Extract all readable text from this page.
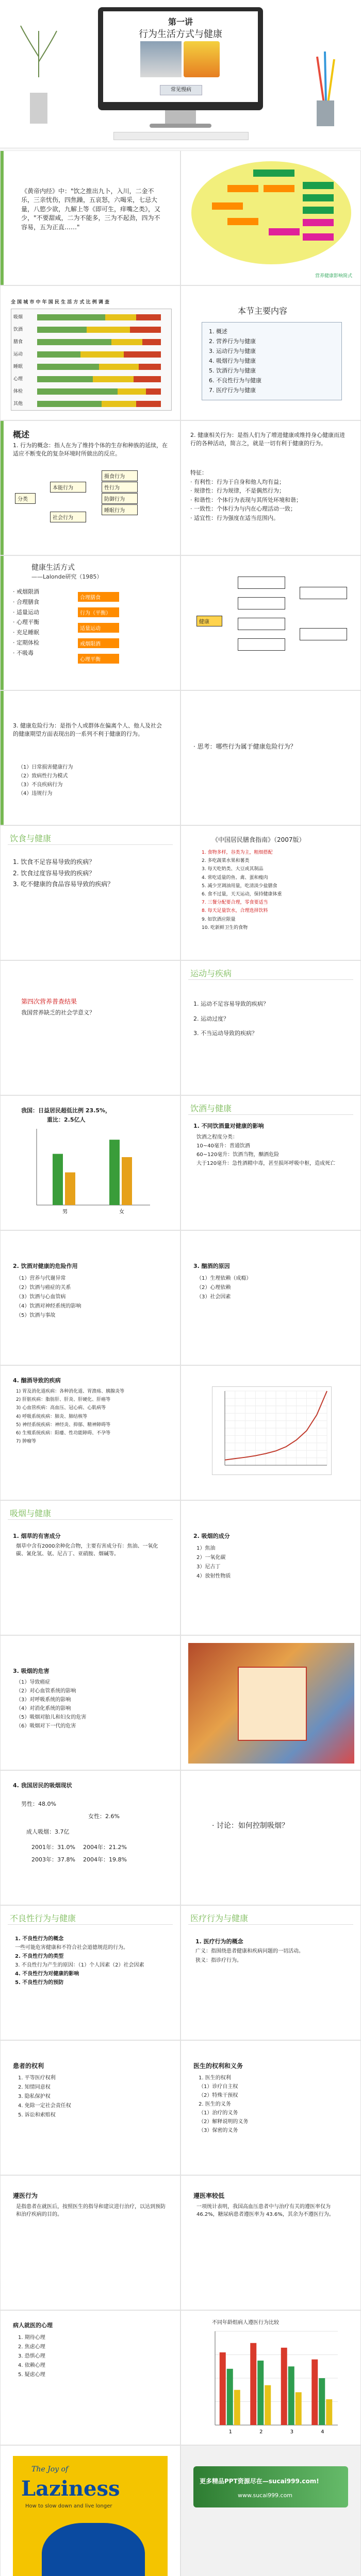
第一讲
行为生活方式与健康
常见慢病
《黄帝内经》中："饮之推出九卜，入川，二金不乐，三亲忧伤，四焦躁，五哀怒，六喝采，七忌大量，八慾少欲，九解上等《即可生，痒嘴之类》，又少，"不要甜咸，二为不能多，三为不起劲，四为不容易，五为正直……"
营养健康影响简式
全 国 城 市 中 年 国 民 生 活 方 式 比 例 调 查
吸烟
饮酒
膳食
运动
睡眠
心理
体检
其他
本节主要内容
1. 概述
2. 营养行为与健康
3. 运动行为与健康
4. 吸烟行为与健康
5. 饮酒行为与健康
6. 不良性行为与健康
7. 医疗行为与健康
概述
1. 行为的概念：指人在为了维持个体的生存和种族的延续，在适应不断变化的复杂环境时所做出的反应。
分类
本能行为
社会行为
摄食行为
性行为
防御行为
睡眠行为
2. 健康相关行为：是指人们为了增进健康或维持身心健康而进行的各种活动，简言之，就是一切有利于健康的行为。
特征：
· 有利性：行为于自身和他人均有益；
· 规律性：行为规律，不是偶然行为；
· 和谐性：个体行为表现与其所处环境和谐；
· 一致性：个体行为与内在心理活动一致；
· 适宜性：行为强度在适当范围内。
健康生活方式
——Lalonde研究（1985）
· 戒烟限酒
· 合理膳食
· 适量运动
· 心理平衡
· 充足睡眠
· 定期体检
· 不吸毒
合理膳食
行为（平衡）
适量运动
戒烟限酒
心理平衡
健康
3. 健康危险行为：是指个人或群体在偏离个人、他人及社会的健康期望方面表现出的一系列不利于健康的行为。
（1）日常损害健康行为
（2）致病性行为模式
（3）不良疾病行为
（4）违规行为
· 思考：哪些行为属于健康危险行为？
饮食与健康
1. 饮食不足容易导致的疾病？
2. 饮食过度容易导致的疾病？
3. 吃不健康的食品容易导致的疾病？
《中国居民膳食指南》（2007版）
1. 食物多样，谷类为主，粗细搭配
2. 多吃蔬菜水果和薯类
3. 每天吃奶类、大豆或其制品
4. 常吃适量的鱼、禽、蛋和瘦肉
5. 减少烹调油用量，吃清淡少盐膳食
6. 食不过量，天天运动，保持健康体重
7. 三餐分配要合理，零食要适当
8. 每天足量饮水，合理选择饮料
9. 如饮酒应限量
10. 吃新鲜卫生的食物
第四次营养普查结果
我国营养缺乏的社会学意义？
运动与疾病
1. 运动不足容易导致的疾病？
2. 运动过度？
3. 不当运动导致的疾病？
我国：日益居民超低比例 23.5%，
重比：2.5亿人
男	女
饮酒与健康
1. 不同饮酒量对健康的影响
饮酒之程度分类：
10~40毫升：普通饮酒
60~120毫升：饮酒当物，酗酒危险
大于120毫升：急性酒精中毒，甚至损坏呼吸中枢，造成死亡
2. 饮酒对健康的危险作用
（1）营养与代谢异常
（2）饮酒与癌症的关系
（3）饮酒与心血管病
（4）饮酒对神经系统的影响
（5）饮酒与事故
3. 酗酒的原因
（1）生理依赖（成瘾）
（2）心理依赖
（3）社会因素
4. 酗酒导致的疾病
1) 胃及消化道疾病：各种消化道、胃溃疡、胰腺炎等
2) 肝脏疾病：脂肪肝、肝炎、肝硬化、肝癌等
3) 心血管疾病：高血压、冠心病、心肌病等
4) 呼吸系统疾病：肺炎、肺结核等
5) 神经系统疾病：神经炎、抑郁、精神障碍等
6) 生殖系统疾病：阳痿、性功能障碍、不孕等
7) 肿瘤等
吸烟与健康
1. 烟草的有害成分
烟草中含有2000余种化合物，主要有害成分有：焦油、一氧化碳、氰化氢、氨、尼古丁、亚硝胺、烟碱等。
2. 吸烟的成分
1）焦油
2）一氧化碳
3）尼古丁
4）放射性物质
3. 吸烟的危害
（1）导致癌症
（2）对心血管系统的影响
（3）对呼吸系统的影响
（4）对消化系统的影响
（5）吸烟对胎儿和妇女的危害
（6）吸烟对下一代的危害
4. 我国居民的吸烟现状
男性：48.0%
女性：2.6%
成人吸烟：3.7亿
2001年：31.0% 2004年：21.2%
2003年：37.8% 2004年：19.8%
· 讨论：如何控制吸烟？
不良性行为与健康
1. 不良性行为的概念
一些可能危害健康和不符合社会道德规范的行为。
2. 不良性行为的类型
3. 不良性行为产生的原因：（1）个人因素（2）社会因素
4. 不良性行为对健康的影响
5. 不良性行为的预防
医疗行为与健康
1. 医疗行为的概念
广义：指围绕患者健康和疾病问题的一切活动。
狭义：指诊疗行为。
患者的权利
1. 平等医疗权利
2. 知情同意权
3. 隐私保护权
4. 免除一定社会责任权
5. 诉讼和索赔权
医生的权利和义务
1. 医生的权利
（1）诊疗自主权
（2）特殊干预权
2. 医生的义务
（1）治疗的义务
（2）解释说明的义务
（3）保密的义务
遵医行为
是指患者在就医后，按照医生的指导和建议进行治疗，以达到预防和治疗疾病的目的。
遵医率较低
一项统计表明，我国高血压患者中与治疗有关的遵医率仅为 46.2%，糖尿病患者遵医率为 43.6%，其余为不遵医行为。
病人就医的心理
1. 期待心理
2. 焦虑心理
3. 恐惧心理
4. 依赖心理
5. 疑虑心理
不同年龄组病人遵医行为比较
1	2	3	4
The Joy of
Laziness
How to slow down and live longer
更多精品PPT资源尽在—sucai999.com!
www.sucai999.com
